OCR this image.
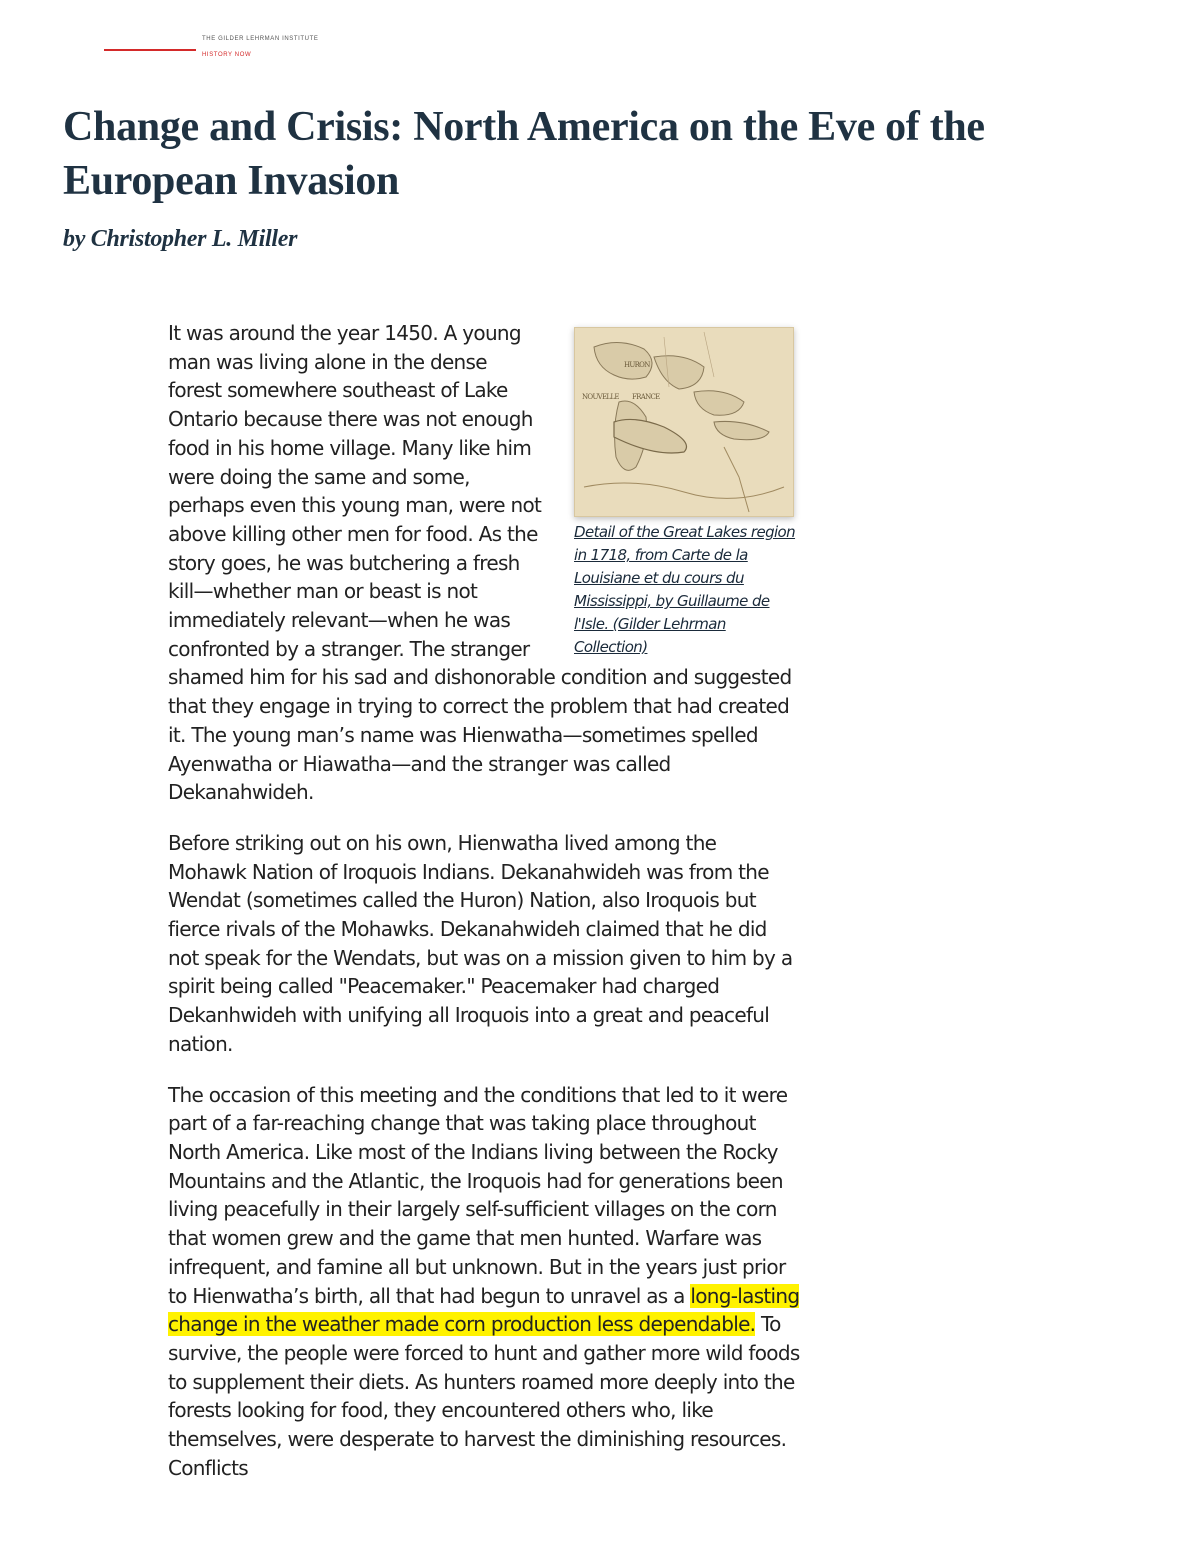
THE GILDER LEHRMAN INSTITUTE
HISTORY NOW
Change and Crisis: North America on the Eve of the European Invasion
by Christopher L. Miller
HURON
FRANCE
NOUVELLE
Detail of the Great Lakes region in 1718, from Carte de la Louisiane et du cours du Mississippi, by Guillaume de l'Isle. (Gilder Lehrman Collection)

It was around the year 1450. A young man was living alone in the dense forest somewhere southeast of Lake Ontario because there was not enough food in his home village. Many like him were doing the same and some, perhaps even this young man, were not above killing other men for food. As the story goes, he was butchering a fresh kill—whether man or beast is not immediately relevant—when he was confronted by a stranger. The stranger shamed him for his sad and dishonorable condition and suggested that they engage in trying to correct the problem that had created it. The young man’s name was Hienwatha—sometimes spelled Ayenwatha or Hiawatha—and the stranger was called Dekanahwideh.

Before striking out on his own, Hienwatha lived among the Mohawk Nation of Iroquois Indians. Dekanahwideh was from the Wendat (sometimes called the Huron) Nation, also Iroquois but fierce rivals of the Mohawks. Dekanahwideh claimed that he did not speak for the Wendats, but was on a mission given to him by a spirit being called "Peacemaker." Peacemaker had charged Dekanhwideh with unifying all Iroquois into a great and peaceful nation.

The occasion of this meeting and the conditions that led to it were part of a far-reaching change that was taking place throughout North America. Like most of the Indians living between the Rocky Mountains and the Atlantic, the Iroquois had for generations been living peacefully in their largely self-sufficient villages on the corn that women grew and the game that men hunted. Warfare was infrequent, and famine all but unknown. But in the years just prior to Hienwatha’s birth, all that had begun to unravel as a long-lasting change in the weather made corn production less dependable. To survive, the people were forced to hunt and gather more wild foods to supplement their diets. As hunters roamed more deeply into the forests looking for food, they encountered others who, like themselves, were desperate to harvest the diminishing resources. Conflicts
